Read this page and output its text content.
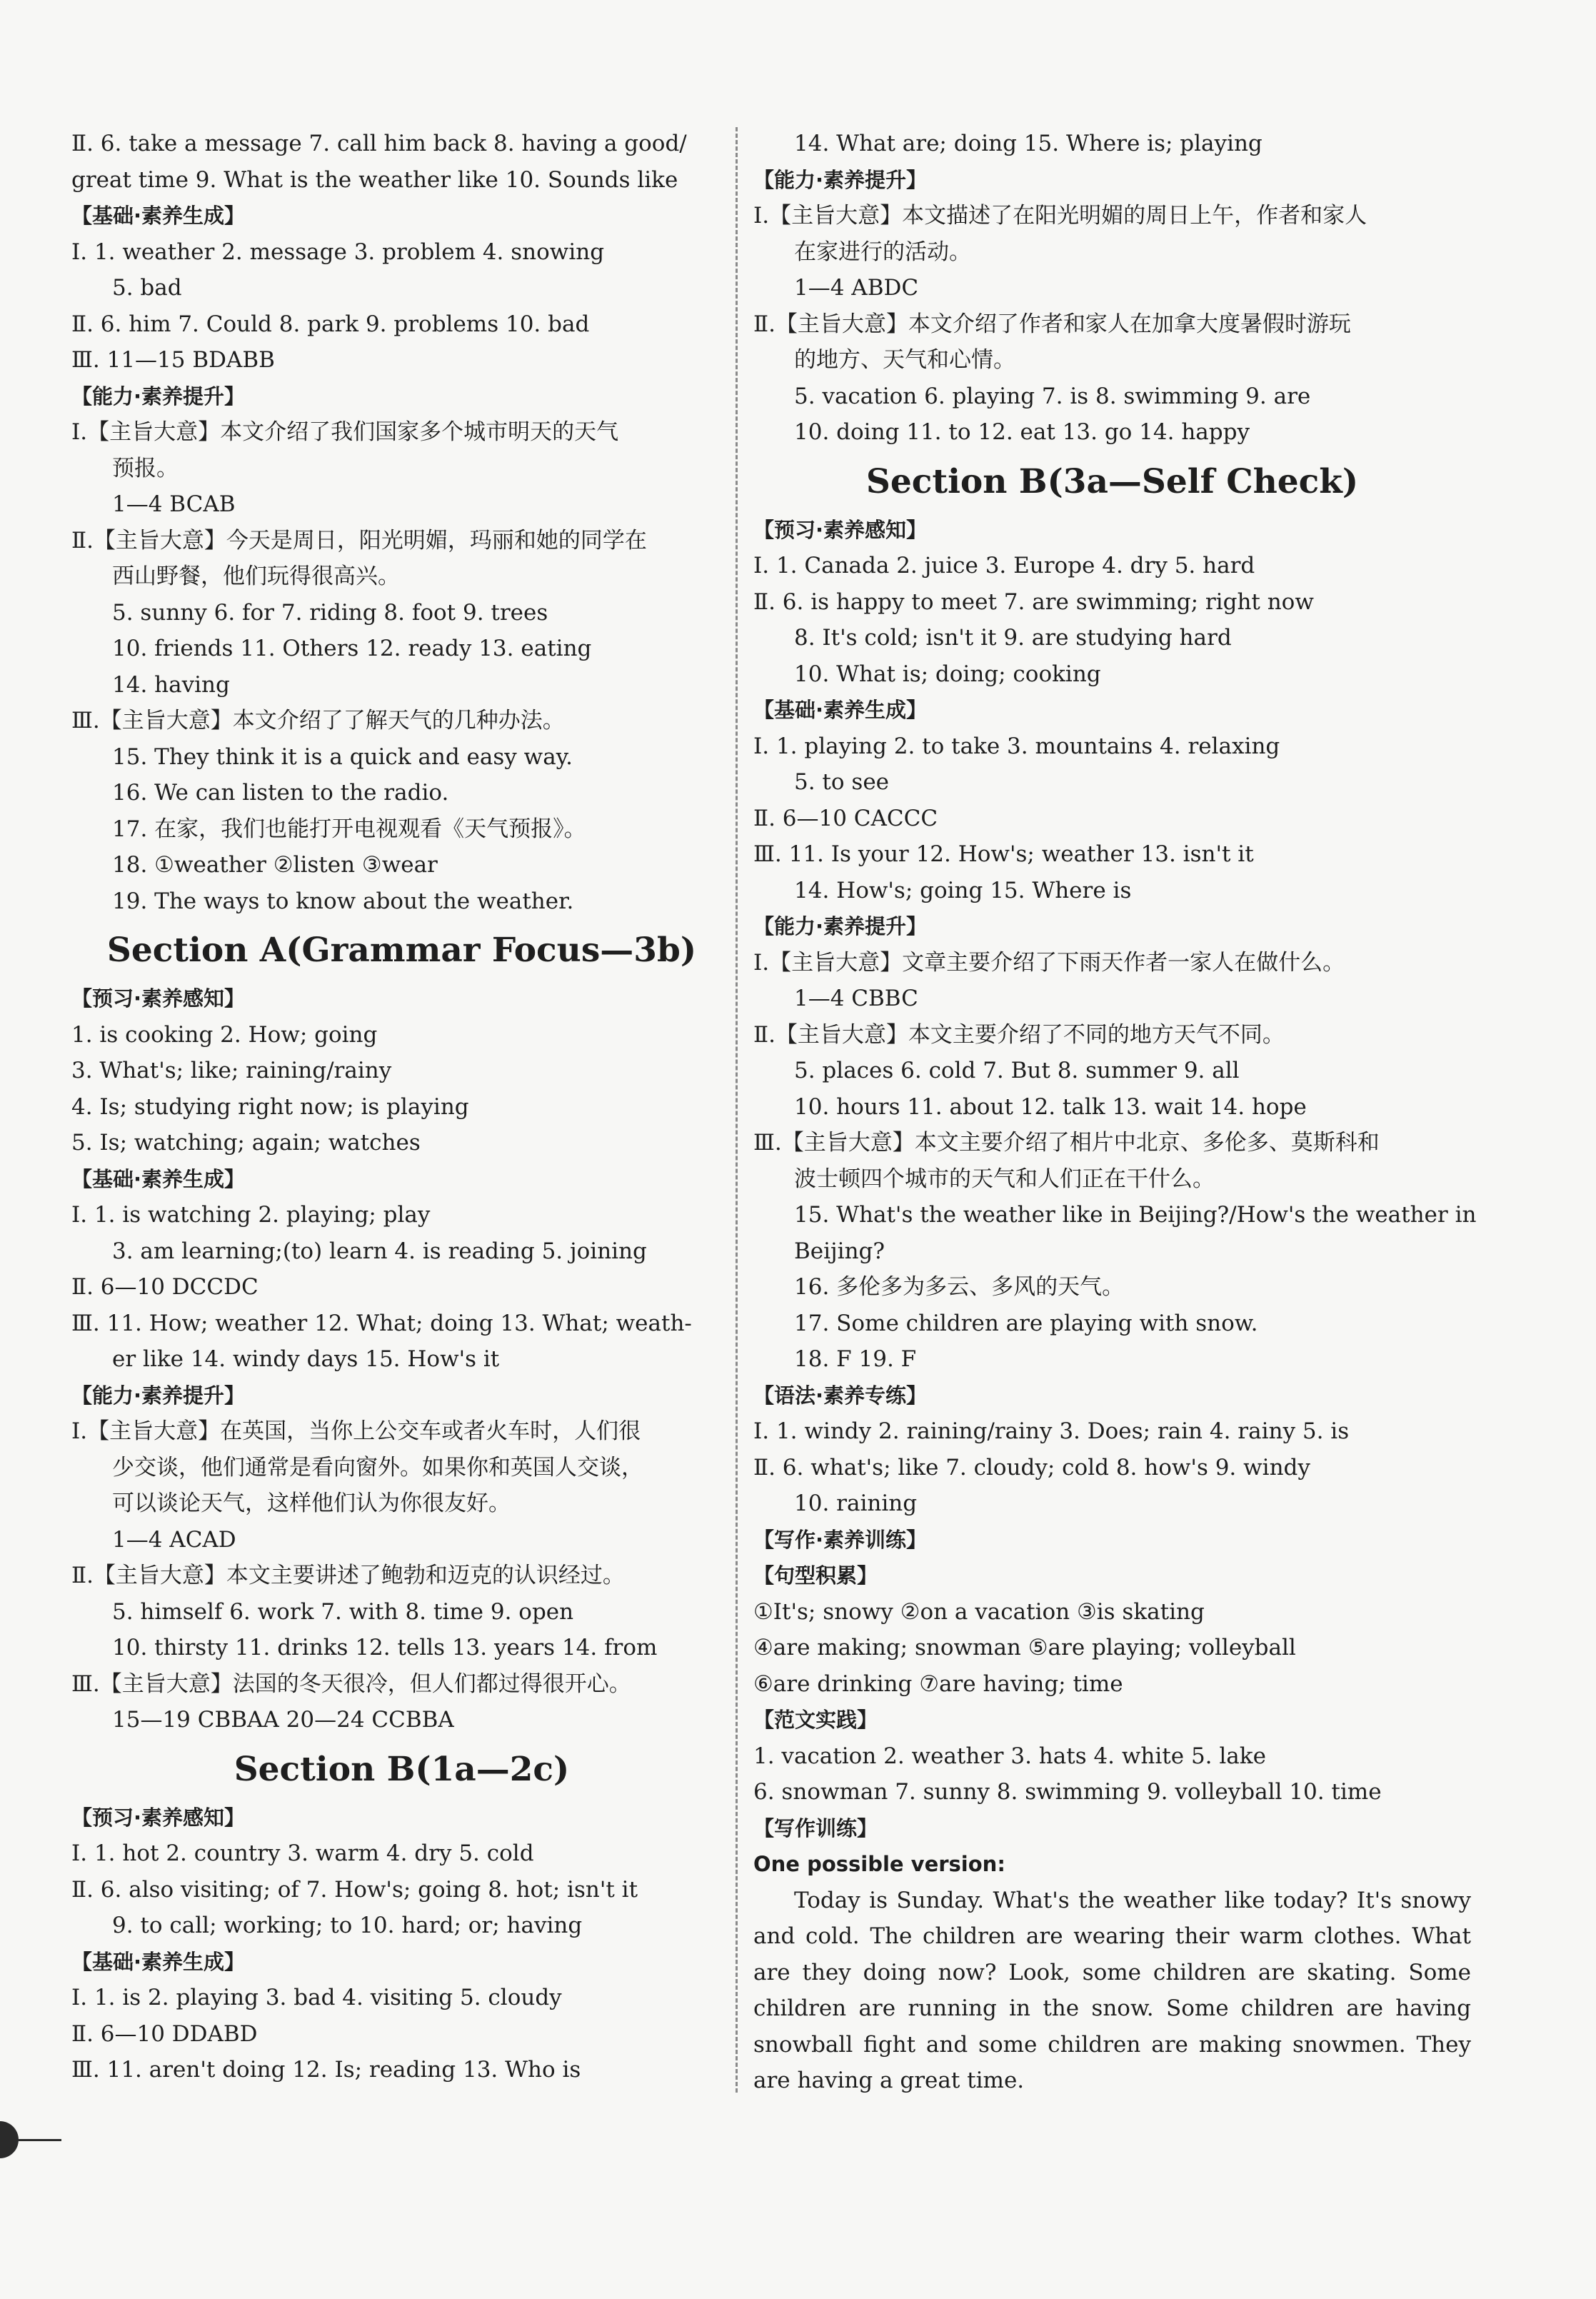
Ⅱ. 6. take a message 7. call him back 8. having a good/
great time 9. What is the weather like 10. Sounds like
【基础·素养生成】
Ⅰ. 1. weather 2. message 3. problem 4. snowing
5. bad
Ⅱ. 6. him 7. Could 8. park 9. problems 10. bad
Ⅲ. 11—15 BDABB
【能力·素养提升】
Ⅰ.【主旨大意】本文介绍了我们国家多个城市明天的天气
预报。
1—4 BCAB
Ⅱ.【主旨大意】今天是周日，阳光明媚，玛丽和她的同学在
西山野餐，他们玩得很高兴。
5. sunny 6. for 7. riding 8. foot 9. trees
10. friends 11. Others 12. ready 13. eating
14. having
Ⅲ.【主旨大意】本文介绍了了解天气的几种办法。
15. They think it is a quick and easy way.
16. We can listen to the radio.
17. 在家，我们也能打开电视观看《天气预报》。
18. ①weather ②listen ③wear
19. The ways to know about the weather.
Section A(Grammar Focus—3b)
【预习·素养感知】
1. is cooking 2. How; going
3. What's; like; raining/rainy
4. Is; studying right now; is playing
5. Is; watching; again; watches
【基础·素养生成】
Ⅰ. 1. is watching 2. playing; play
3. am learning;(to) learn 4. is reading 5. joining
Ⅱ. 6—10 DCCDC
Ⅲ. 11. How; weather 12. What; doing 13. What; weath-
er like 14. windy days 15. How's it
【能力·素养提升】
Ⅰ.【主旨大意】在英国，当你上公交车或者火车时，人们很
少交谈，他们通常是看向窗外。如果你和英国人交谈，
可以谈论天气，这样他们认为你很友好。
1—4 ACAD
Ⅱ.【主旨大意】本文主要讲述了鲍勃和迈克的认识经过。
5. himself 6. work 7. with 8. time 9. open
10. thirsty 11. drinks 12. tells 13. years 14. from
Ⅲ.【主旨大意】法国的冬天很冷，但人们都过得很开心。
15—19 CBBAA 20—24 CCBBA
Section B(1a—2c)
【预习·素养感知】
Ⅰ. 1. hot 2. country 3. warm 4. dry 5. cold
Ⅱ. 6. also visiting; of 7. How's; going 8. hot; isn't it
9. to call; working; to 10. hard; or; having
【基础·素养生成】
Ⅰ. 1. is 2. playing 3. bad 4. visiting 5. cloudy
Ⅱ. 6—10 DDABD
Ⅲ. 11. aren't doing 12. Is; reading 13. Who is
14. What are; doing 15. Where is; playing
【能力·素养提升】
Ⅰ.【主旨大意】本文描述了在阳光明媚的周日上午，作者和家人
在家进行的活动。
1—4 ABDC
Ⅱ.【主旨大意】本文介绍了作者和家人在加拿大度暑假时游玩
的地方、天气和心情。
5. vacation 6. playing 7. is 8. swimming 9. are
10. doing 11. to 12. eat 13. go 14. happy
Section B(3a—Self Check)
【预习·素养感知】
Ⅰ. 1. Canada 2. juice 3. Europe 4. dry 5. hard
Ⅱ. 6. is happy to meet 7. are swimming; right now
8. It's cold; isn't it 9. are studying hard
10. What is; doing; cooking
【基础·素养生成】
Ⅰ. 1. playing 2. to take 3. mountains 4. relaxing
5. to see
Ⅱ. 6—10 CACCC
Ⅲ. 11. Is your 12. How's; weather 13. isn't it
14. How's; going 15. Where is
【能力·素养提升】
Ⅰ.【主旨大意】文章主要介绍了下雨天作者一家人在做什么。
1—4 CBBC
Ⅱ.【主旨大意】本文主要介绍了不同的地方天气不同。
5. places 6. cold 7. But 8. summer 9. all
10. hours 11. about 12. talk 13. wait 14. hope
Ⅲ.【主旨大意】本文主要介绍了相片中北京、多伦多、莫斯科和
波士顿四个城市的天气和人们正在干什么。
15. What's the weather like in Beijing?/How's the weather in
Beijing?
16. 多伦多为多云、多风的天气。
17. Some children are playing with snow.
18. F 19. F
【语法·素养专练】
Ⅰ. 1. windy 2. raining/rainy 3. Does; rain 4. rainy 5. is
Ⅱ. 6. what's; like 7. cloudy; cold 8. how's 9. windy
10. raining
【写作·素养训练】
【句型积累】
①It's; snowy ②on a vacation ③is skating
④are making; snowman ⑤are playing; volleyball
⑥are drinking ⑦are having; time
【范文实践】
1. vacation 2. weather 3. hats 4. white 5. lake
6. snowman 7. sunny 8. swimming 9. volleyball 10. time
【写作训练】
One possible version:
Today is Sunday. What's the weather like today? It's snowy and cold. The children are wearing their warm clothes. What are they doing now? Look, some children are skating. Some children are running in the snow. Some children are having snowball fight and some children are making snowmen. They are having a great time.
